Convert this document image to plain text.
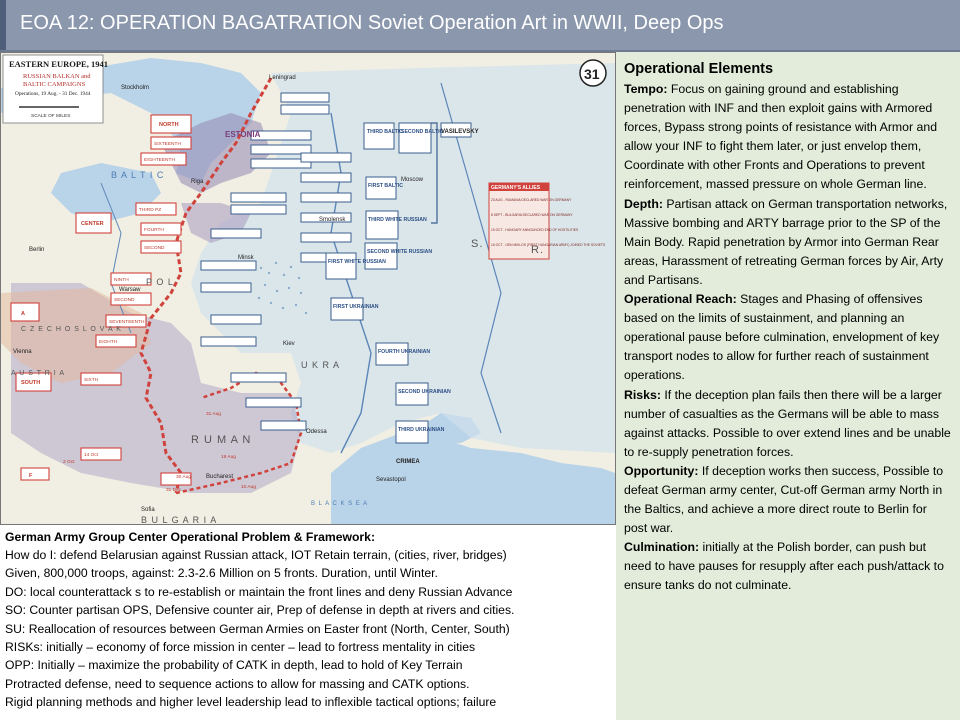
EOA 12: OPERATION BAGATRATION Soviet Operation Art in WWII, Deep Ops
EASTERN EUROPE, 1941
RUSSIAN BALKAN and
BALTIC CAMPAIGNS
Operations, 19 Aug. - 31 Dec. 1944
SCALE OF MILES
31
GERMANY'S ALLIES
Leningrad
Stockholm
ESTONIA
Riga	Moscow
Smolensk
Minsk
Berlin
Warsaw
Kiev
Odessa
Sevastopol
Bucharest
Sofia
Vienna
CRIMEA
VASILEVSKY
B A L T I C
P O L
U K R A
R U M A N
B U L G A R I A
B L A C K S E A
S.	R.
A U S T R I A
C Z E C H O S L O V A K
THIRD BALTIC
SECOND BALTIC
FIRST BALTIC
THIRD WHITE RUSSIAN
SECOND WHITE RUSSIAN
FIRST WHITE RUSSIAN
FIRST UKRAINIAN
FOURTH UKRAINIAN
SECOND UKRAINIAN
THIRD UKRAINIAN
NORTH
CENTER
SOUTH
A
F
SIXTEENTH
EIGHTEENTH
THIRD PZ
FOURTH
SECOND
NINTH
SECOND
SEVENTEENTH
EIGHTH
SIXTH
14 Oct
31 Aug
19 Aug
30 Aug
2 Oct
31 Dec
10 Aug
23 AUG - RUMANIA DECLARED WAR ON GERMANY
8 SEPT - BULGARIA DECLARED WAR ON GERMANY
15 OCT - HUNGARY ANNOUNCED END OF HOSTILITIES
16 OCT - GEN MIKLOS (FIRST HUNGARIAN ARMY) JOINED THE SOVIETS
German Army Group Center Operational Problem & Framework:
How do I: defend Belarusian against Russian attack, IOT Retain terrain, (cities, river, bridges)
Given, 800,000 troops, against: 2.3-2.6 Million on 5 fronts. Duration, until Winter.
DO: local counterattack s to re-establish or maintain the front lines and deny Russian Advance
SO: Counter partisan OPS, Defensive counter air, Prep of defense in depth at rivers and cities.
SU: Reallocation of resources between German Armies on Easter front (North, Center, South)
RISKs: initially – economy of force mission in center – lead to fortress mentality in cities
OPP: Initially – maximize the probability of CATK in depth, lead to hold of Key Terrain
Protracted defense, need to sequence actions to allow for massing and CATK options.
Rigid planning methods and higher level leadership lead to inflexible tactical options; failure
Operational Elements
Tempo: Focus on gaining ground and establishing penetration with INF and then exploit gains with Armored forces, Bypass strong points of resistance with Armor and allow your INF to fight them later, or just envelop them, Coordinate with other Fronts and Operations to prevent reinforcement, massed pressure on whole German line.
Depth: Partisan attack on German transportation networks, Massive bombing and ARTY barrage prior to the SP of the Main Body. Rapid penetration by Armor into German Rear areas, Harassment of retreating German forces by Air, Arty and Partisans.
Operational Reach: Stages and Phasing of offensives based on the limits of sustainment, and planning an operational pause before culmination, envelopment of key transport nodes to allow for further reach of sustainment operations.
Risks: If the deception plan fails then there will be a larger number of casualties as the Germans will be able to mass against attacks. Possible to over extend lines and be unable to re-supply penetration forces.
Opportunity: If deception works then success, Possible to defeat German army center, Cut-off German army North in the Baltics, and achieve a more direct route to Berlin for post war.
Culmination: initially at the Polish border, can push but need to have pauses for resupply after each push/attack to ensure tanks do not culminate.
